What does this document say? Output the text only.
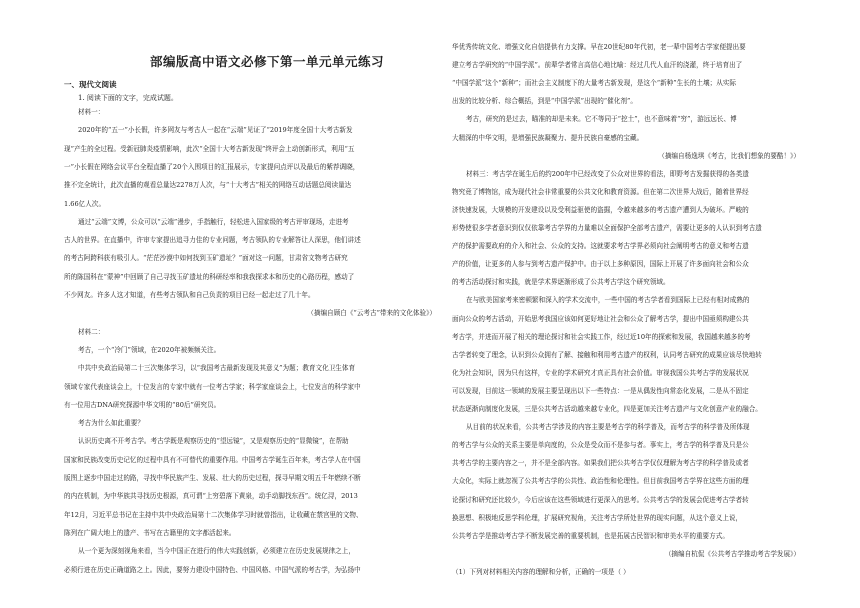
部编版高中语文必修下第一单元单元练习
一、现代文阅读
1. 阅读下面的文字，完成试题。
材料一：
2020年的“五一”小长假，许多网友与考古人一起在“云端”见证了“2019年度全国十大考古新发
现”产生的全过程。受新冠肺炎疫情影响，此次“全国十大考古新发现”终评会上动创新形式，利用“五
一”小长假在网络会议平台全程直播了20个入围项目的汇报展示，专家提问点评以及最后的紫荐调晓，
推不完全统计，此次直播的观看总量达2278万人次，与“十大考古”相关的网络互动话题总阅读量达
1.66亿人次。
通过“云端”文博，公众可以“云端”漫步，手指触行，轻松进入国家级的考古评审现场，走进考
古人的世界。在直播中，许审专家提出追寻力佳的专业问题，考古领队的专业解答让人深思，他们讲述
的考古阿跨科获有吸引人。“茫茫沙漠中如何找到玉矿遗址？”面对这一问题，甘肃省文物考古研究
所的陈国科在“蒙神”中回顾了自己寻找玉矿遗址的科研经率和我我探求本和历史的心路历程，感动了
不少网友。许多人这才知道，有些考古领队和自己负责的项目已经一起走过了几十年。
（摘编自顾白《“云考古”带来的文化体验》）
材料二：
考古，一个“冷门”领域，在2020年被频频关注。
中共中央政治局第二十三次集体学习，以“我国考古最新发现及其意义”为题；教育文化卫生体育
领域专家代表座谈会上，十位发言的专家中就有一位考古学家；科学家座谈会上，七位发言的科学家中
有一位用古DNA研究探源中华文明的“80后”研究员。
考古为什么如此重要？
认识历史离不开考古学。考古学既是观察历史的“望远镜”，又是观察历史的“显微镜”，在帮助
国家和民族改变历史记忆的过程中具有不可替代的重要作用。中国考古学诞生百年来，考古学人在中国
版图上逐步中国走过的路，寻找中华民族产生、发展、壮大的历史过程，探寻早期文明五千年燃续不断
的内在机制，为中华族共寻找历史根源，真可谓“上穷碧落下黄泉，动手动脚找东西”。统亿浔，2013
年12月，习近平总书记在主持中共中央政治局第十二次集体学习时就曾指出，让收藏在禁宫里的文物、
陈列在广阔大地上的遗产、书写在古籍里的文字都活起来。
从一个更为深刻视角来看，当今中国正在进行的伟大实践创新，必须建立在历史发展规律之上，
必须行进在历史正确道路之上。因此，要努力建设中国特色、中国风格、中国气派的考古学，为弘扬中
华优秀传统文化、增强文化自信提供有力支撑。早在20世纪80年代初，老一辈中国考古学家便提出要
建立考古学研究的“中国学派”。前辈学者常言高信心地比喻：经过几代人血汗的浇灌，终于培育出了
“中国学派”这个“新种”；而社会主义制度下的大量考古新发现，是这个“新种”生长的土壤；从实际
出发的比较分析、综合概括，到是“中国学派”出现的“催化剂”。
考古，研究的是过去，瞄准的却是未来。它不等同于“挖土”，也不意味着“穷”，游远远长、博
大精深的中华文明，是增强民族凝聚力、提升民族自豪感的宝藏。
（摘编自杨逸琪《考古，比我们想象的要酷！》）
材料三：考古学在诞生后的约200年中已经改变了公众对世界的看法，即野考古发掘获得的各类遗
物究竟了博物馆，成为现代社会非常重要的公共文化和教育资源。但在第二次世界大战后，随着世界经
济快速发展，大规模的开发建设以及受利益驱使的盗掘，令越来越多的考古遗产遭到人为破坏。严峻的
形势使很多学者意识到仅仅依靠考古学界的力量难以全面保护全部考古遗产，需要让更多的人认识到考古遗
产的保护需要政府的介入和社会、公众的支持。这就要求考古学界必须向社会阐明考古的意义和考古遗
产的价值，让更多的人参与到考古遗产保护中。由于以上多种原因，国际上开展了许多面向社会和公众
的考古活动探讨和实践，就是学术界逐渐形成了公共考古学这个研究领域。
在与欧美国家考来密顿繁和深入的学术交流中，一些中国的考古学者看到国际上已经有相对成熟的
面向公众的考古活动，开始思考我国应该如何更好地让社会和公众了解考古学，提出中国亟须构建公共
考古学，并进而开展了相关的理论探讨和社会实践工作，经过近10年的探索和发展，我国越来越多的考
古学者转变了理念，认识到公众拥有了解、接触和利用考古遗产的权利，认同考古研究的成果应该尽快地转
化为社会知识，因为只有这样，专业的学术研究才真正具有社会价值。审视我国公共考古学的发展状况
可以发现，目前这一领域的发展主要呈现出以下一些特点：一是从偶发性向常态化发展，二是从不固定
状态逐渐向制度化发展，三是公共考古活动越来越专业化，四是更加关注考古遗产与文化创意产业的融合。
从目前的状况来看，公共考古学涉及的内容主要是考古学的科学普及，而考古学的科学普及所体现
的考古学与公众的关系主要是单向度的，公众是受众而不是参与者。事实上，考古学的科学普及只是公
共考古学的主要内容之一，并不是全部内容。如果我们把公共考古学仅仅理解为考古学的科学普及或者
大众化，实际上就忽视了公共考古学的公共性、政治性和伦理性。但目前我国考古学界在这些方面的理
论探讨和研究还比较少，今后应该在这些领域进行更深入的思考。公共考古学的发展会促进考古学者转
换思想、积极地反思学科伦理，扩展研究视角，关注考古学所处世界的现实问题，从这个意义上说，
公共考古学是推动考古学不断发展完善的重要机制，也是拓展古民智识和审美水平的重要方式。
（摘编自杭侃《公共考古学推动考古学发展》）
（1）下列对材料相关内容的理解和分析，正确的一项是（ ）
